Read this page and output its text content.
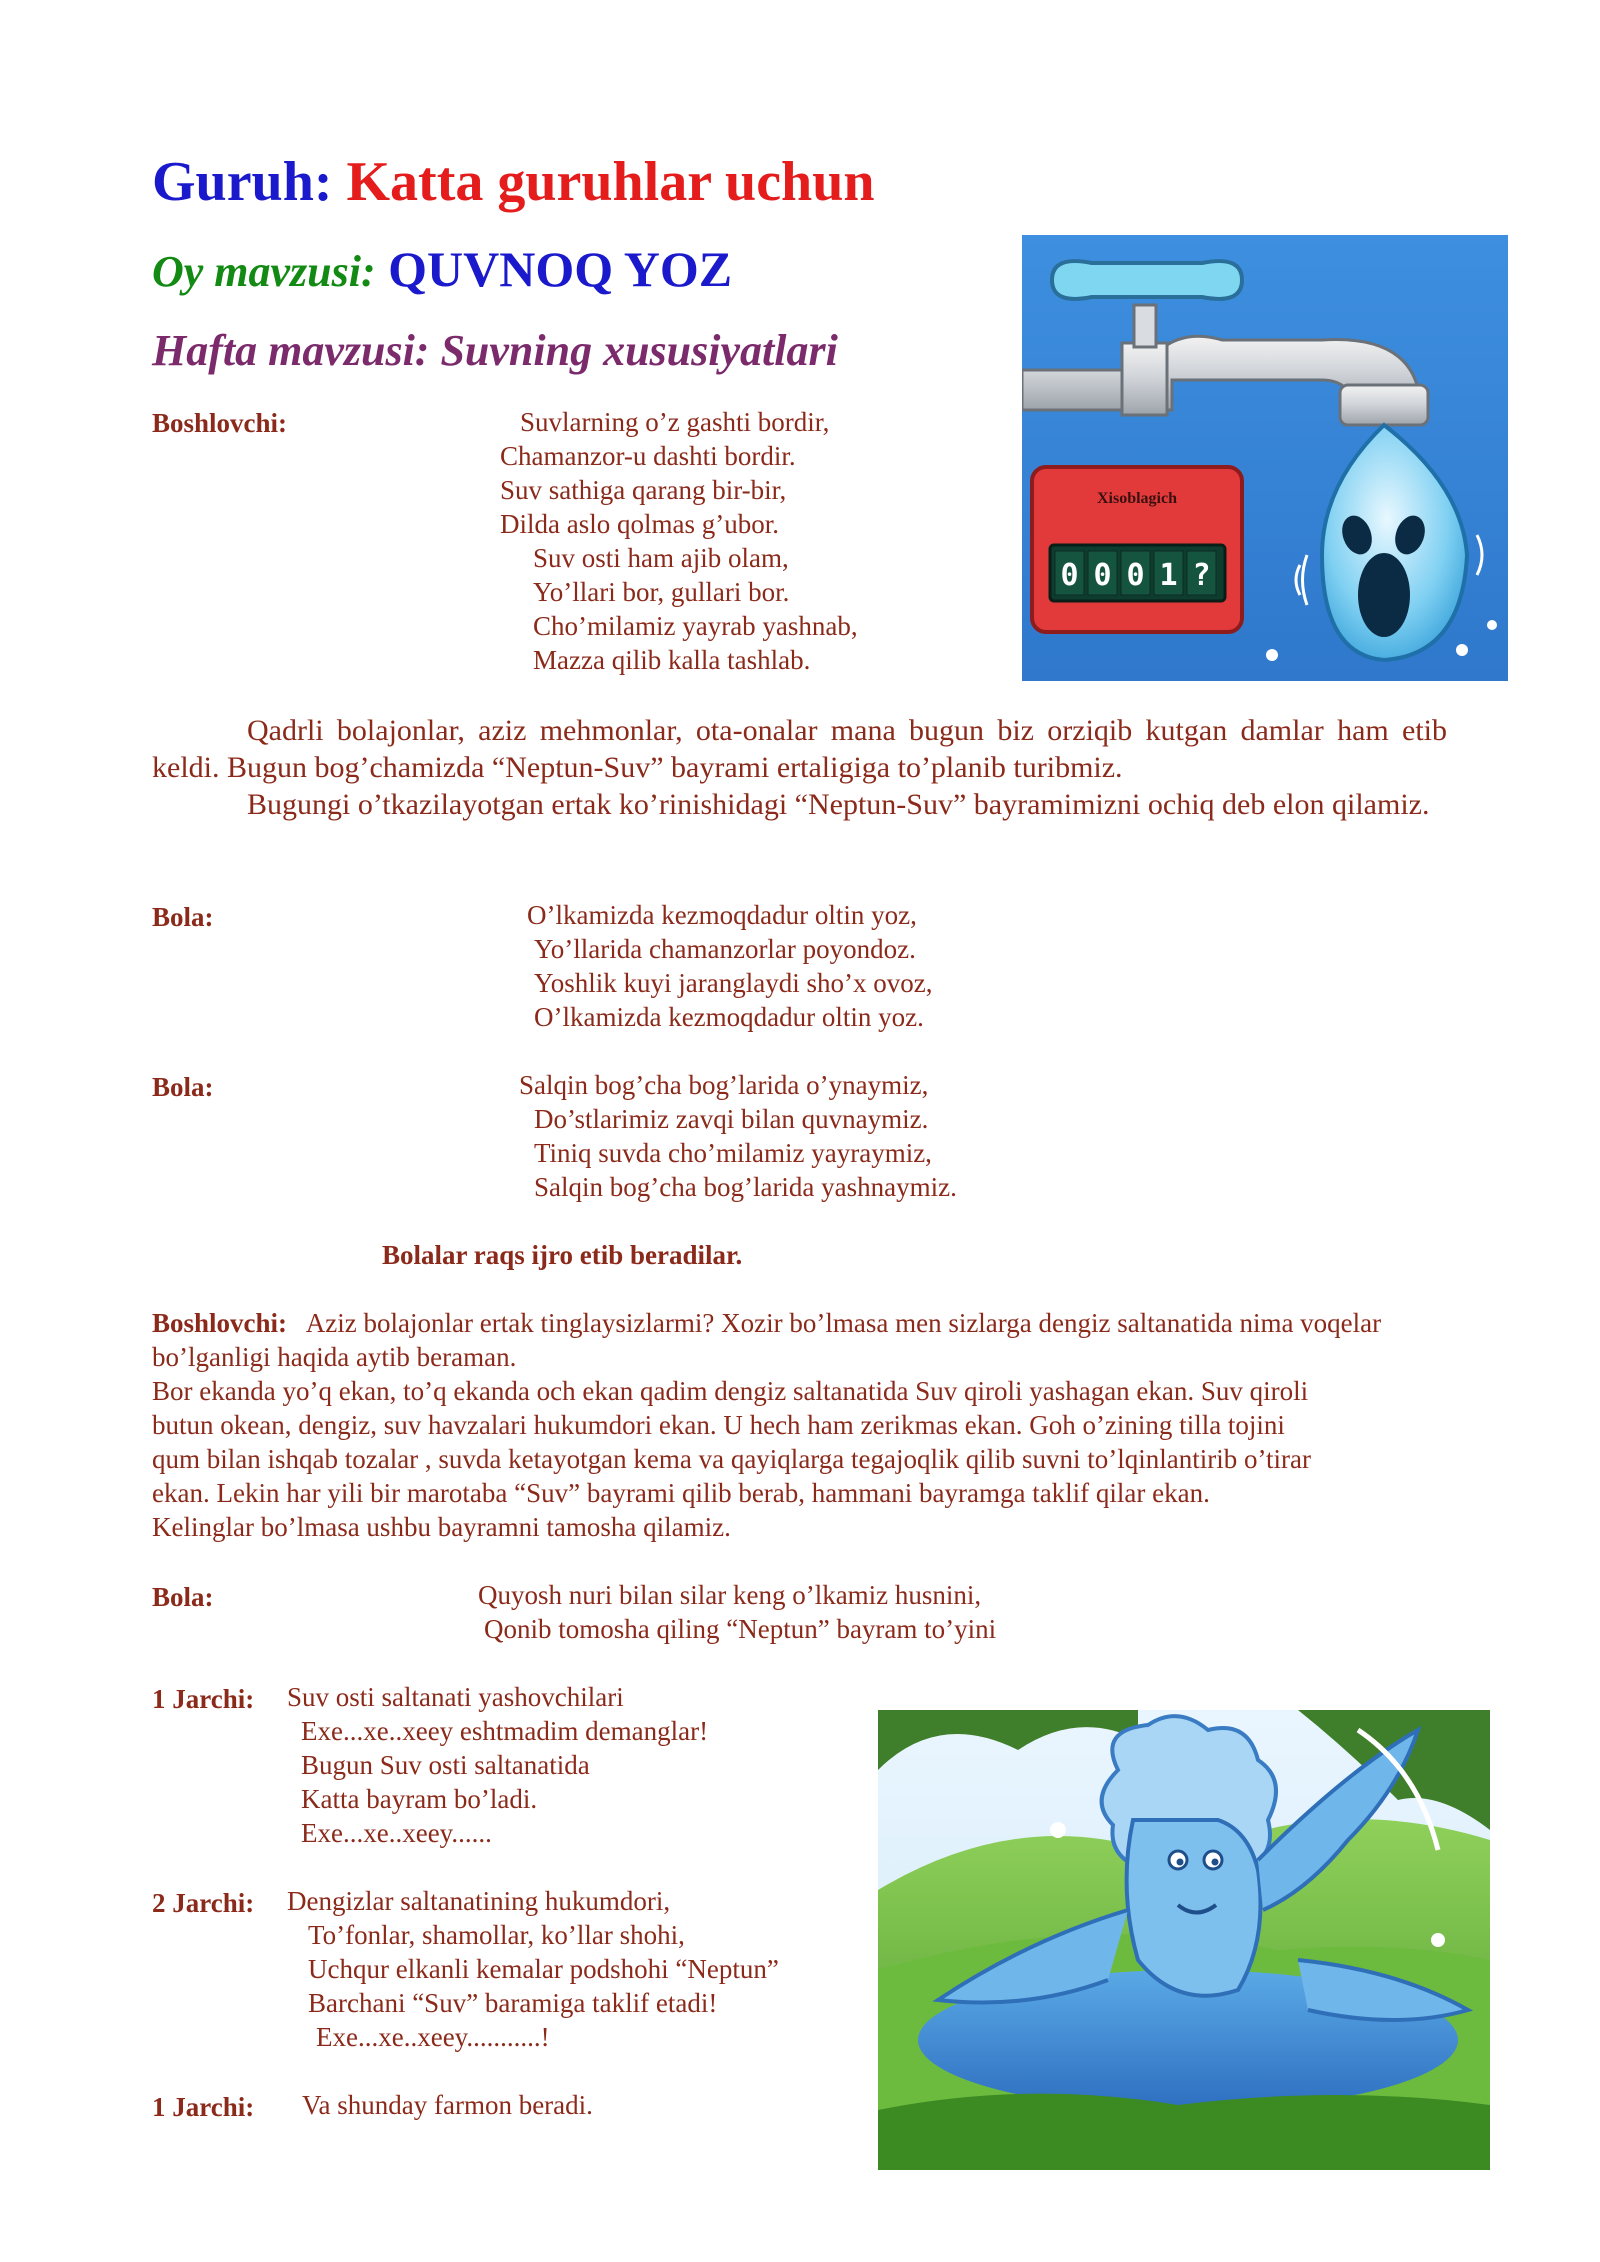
Guruh: Katta guruhlar uchun
Oy mavzusi: QUVNOQ YOZ
Hafta mavzusi: Suvning xususiyatlari
Boshlovchi:	Suvlarning o’z gashti bordir,
Chamanzor-u dashti bordir.
Suv sathiga qarang bir-bir,
Dilda aslo qolmas g’ubor.
Suv osti ham ajib olam,
Yo’llari bor, gullari bor.
Cho’milamiz yayrab yashnab,
Mazza qilib kalla tashlab.
Xisoblagich
0 0 0 1 ?
Qadrli bolajonlar, aziz mehmonlar, ota-onalar mana bugun biz orziqib kutgan damlar ham etib keldi. Bugun bog’chamizda “Neptun-Suv” bayrami ertaligiga to’planib turibmiz.
Bugungi o’tkazilayotgan ertak ko’rinishidagi “Neptun-Suv” bayramimizni ochiq deb elon qilamiz.
Bola:	O’lkamizda kezmoqdadur oltin yoz,
Yo’llarida chamanzorlar poyondoz.
Yoshlik kuyi jaranglaydi sho’x ovoz,
O’lkamizda kezmoqdadur oltin yoz.
Bola:	Salqin bog’cha bog’larida o’ynaymiz,
Do’stlarimiz zavqi bilan quvnaymiz.
Tiniq suvda cho’milamiz yayraymiz,
Salqin bog’cha bog’larida yashnaymiz.
Bolalar raqs ijro etib beradilar.
Boshlovchi: Aziz bolajonlar ertak tinglaysizlarmi? Xozir bo’lmasa men sizlarga dengiz saltanatida nima voqelar bo’lganligi haqida aytib beraman.
Bor ekanda yo’q ekan, to’q ekanda och ekan qadim dengiz saltanatida Suv qiroli yashagan ekan. Suv qiroli
butun okean, dengiz, suv havzalari hukumdori ekan. U hech ham zerikmas ekan. Goh o’zining tilla tojini
qum bilan ishqab tozalar , suvda ketayotgan kema va qayiqlarga tegajoqlik qilib suvni to’lqinlantirib o’tirar
ekan. Lekin har yili bir marotaba “Suv” bayrami qilib berab, hammani bayramga taklif qilar ekan.
Kelinglar bo’lmasa ushbu bayramni tamosha qilamiz.
Bola:	Quyosh nuri bilan silar keng o’lkamiz husnini,
Qonib tomosha qiling “Neptun” bayram to’yini
1 Jarchi: Suv osti saltanati yashovchilari
Exe...xe..xeey eshtmadim demanglar!
Bugun Suv osti saltanatida
Katta bayram bo’ladi.
Exe...xe..xeey......
2 Jarchi: Dengizlar saltanatining hukumdori,
To’fonlar, shamollar, ko’llar shohi,
Uchqur elkanli kemalar podshohi “Neptun”
Barchani “Suv” baramiga taklif etadi!
Exe...xe..xeey...........!
1 Jarchi: Va shunday farmon beradi.
